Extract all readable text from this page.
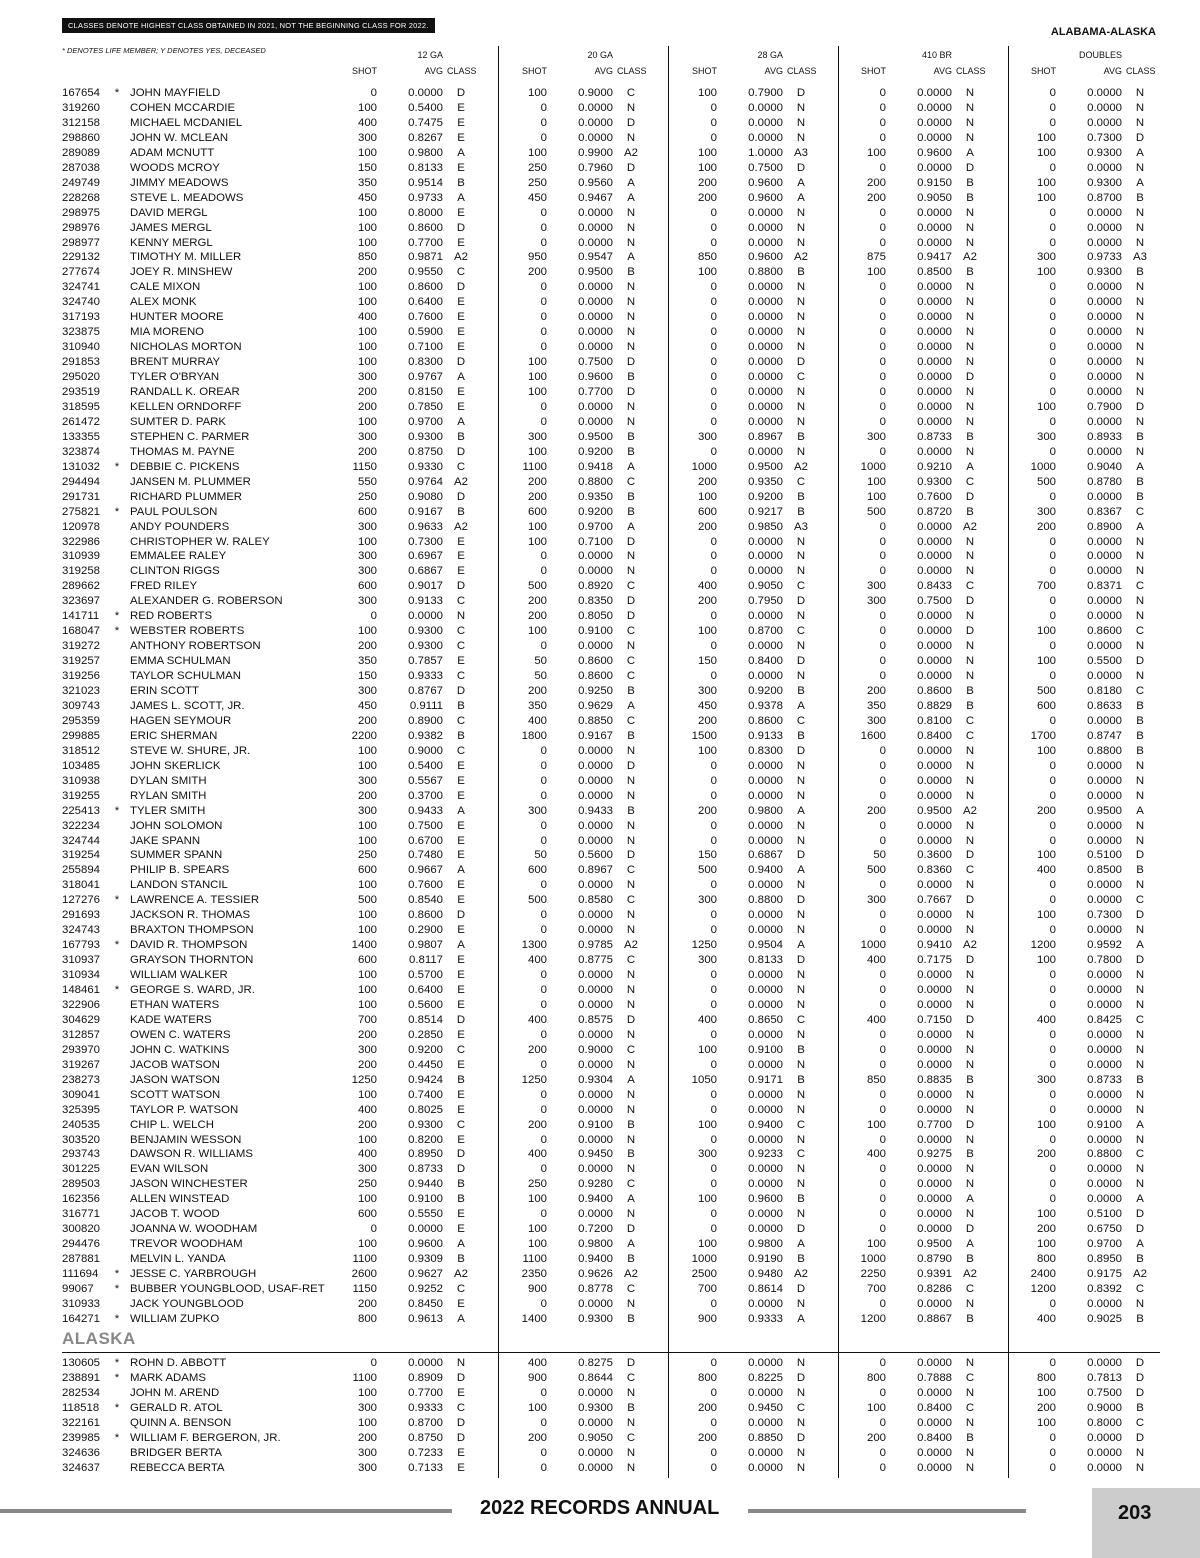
CLASSES DENOTE HIGHEST CLASS OBTAINED IN 2021, NOT THE BEGINNING CLASS FOR 2022.
ALABAMA-ALASKA
* DENOTES LIFE MEMBER; Y DENOTES YES, DECEASED	12 GA	20 GA	28 GA	410 BR	DOUBLES
SHOT	AVG CLASS	SHOT	AVG CLASS	SHOT	AVG CLASS	SHOT	AVG CLASS	SHOT	AVG CLASS
167654	* JOHN MAYFIELD	0	0.0000	D	100	0.9000	C	100	0.7900	D	0	0.0000	N	0	0.0000	N
319260	COHEN MCCARDIE	100	0.5400	E	0	0.0000	N	0	0.0000	N	0	0.0000	N	0	0.0000	N
312158	MICHAEL MCDANIEL	400	0.7475	E	0	0.0000	D	0	0.0000	N	0	0.0000	N	0	0.0000	N
298860	JOHN W. MCLEAN	300	0.8267	E	0	0.0000	N	0	0.0000	N	0	0.0000	N	100	0.7300	D
289089	ADAM MCNUTT	100	0.9800	A	100	0.9900 A2	100	1.0000 A3	100	0.9600	A	100	0.9300	A
287038	WOODS MCROY	150	0.8133	E	250	0.7960	D	100	0.7500	D	0	0.0000	D	0	0.0000	N
249749	JIMMY MEADOWS	350	0.9514	B	250	0.9560	A	200	0.9600	A	200	0.9150	B	100	0.9300	A
228268	STEVE L. MEADOWS	450	0.9733	A	450	0.9467	A	200	0.9600	A	200	0.9050	B	100	0.8700	B
298975	DAVID MERGL	100	0.8000	E	0	0.0000	N	0	0.0000	N	0	0.0000	N	0	0.0000	N
298976	JAMES MERGL	100	0.8600	D	0	0.0000	N	0	0.0000	N	0	0.0000	N	0	0.0000	N
298977	KENNY MERGL	100	0.7700	E	0	0.0000	N	0	0.0000	N	0	0.0000	N	0	0.0000	N
229132	TIMOTHY M. MILLER	850	0.9871 A2	950	0.9547	A	850	0.9600 A2	875	0.9417 A2	300	0.9733 A3
277674	JOEY R. MINSHEW	200	0.9550	C	200	0.9500	B	100	0.8800	B	100	0.8500	B	100	0.9300	B
324741	CALE MIXON	100	0.8600	D	0	0.0000	N	0	0.0000	N	0	0.0000	N	0	0.0000	N
324740	ALEX MONK	100	0.6400	E	0	0.0000	N	0	0.0000	N	0	0.0000	N	0	0.0000	N
317193	HUNTER MOORE	400	0.7600	E	0	0.0000	N	0	0.0000	N	0	0.0000	N	0	0.0000	N
323875	MIA MORENO	100	0.5900	E	0	0.0000	N	0	0.0000	N	0	0.0000	N	0	0.0000	N
310940	NICHOLAS MORTON	100	0.7100	E	0	0.0000	N	0	0.0000	N	0	0.0000	N	0	0.0000	N
291853	BRENT MURRAY	100	0.8300	D	100	0.7500	D	0	0.0000	D	0	0.0000	N	0	0.0000	N
295020	TYLER O'BRYAN	300	0.9767	A	100	0.9600	B	0	0.0000	C	0	0.0000	D	0	0.0000	N
293519	RANDALL K. OREAR	200	0.8150	E	100	0.7700	D	0	0.0000	N	0	0.0000	N	0	0.0000	N
318595	KELLEN ORNDORFF	200	0.7850	E	0	0.0000	N	0	0.0000	N	0	0.0000	N	100	0.7900	D
261472	SUMTER D. PARK	100	0.9700	A	0	0.0000	N	0	0.0000	N	0	0.0000	N	0	0.0000	N
133355	STEPHEN C. PARMER	300	0.9300	B	300	0.9500	B	300	0.8967	B	300	0.8733	B	300	0.8933	B
323874	THOMAS M. PAYNE	200	0.8750	D	100	0.9200	B	0	0.0000	N	0	0.0000	N	0	0.0000	N
131032	* DEBBIE C. PICKENS	1150	0.9330	C	1100	0.9418	A	1000	0.9500 A2	1000	0.9210	A	1000	0.9040	A
294494	JANSEN M. PLUMMER	550	0.9764 A2	200	0.8800	C	200	0.9350	C	100	0.9300	C	500	0.8780	B
291731	RICHARD PLUMMER	250	0.9080	D	200	0.9350	B	100	0.9200	B	100	0.7600	D	0	0.0000	B
275821	* PAUL POULSON	600	0.9167	B	600	0.9200	B	600	0.9217	B	500	0.8720	B	300	0.8367	C
120978	ANDY POUNDERS	300	0.9633 A2	100	0.9700	A	200	0.9850 A3	0	0.0000 A2	200	0.8900	A
322986	CHRISTOPHER W. RALEY	100	0.7300	E	100	0.7100	D	0	0.0000	N	0	0.0000	N	0	0.0000	N
310939	EMMALEE RALEY	300	0.6967	E	0	0.0000	N	0	0.0000	N	0	0.0000	N	0	0.0000	N
319258	CLINTON RIGGS	300	0.6867	E	0	0.0000	N	0	0.0000	N	0	0.0000	N	0	0.0000	N
289662	FRED RILEY	600	0.9017	D	500	0.8920	C	400	0.9050	C	300	0.8433	C	700	0.8371	C
323697	ALEXANDER G. ROBERSON	300	0.9133	C	200	0.8350	D	200	0.7950	D	300	0.7500	D	0	0.0000	N
141711	* RED ROBERTS	0	0.0000	N	200	0.8050	D	0	0.0000	N	0	0.0000	N	0	0.0000	N
168047	* WEBSTER ROBERTS	100	0.9300	C	100	0.9100	C	100	0.8700	C	0	0.0000	D	100	0.8600	C
319272	ANTHONY ROBERTSON	200	0.9300	C	0	0.0000	N	0	0.0000	N	0	0.0000	N	0	0.0000	N
319257	EMMA SCHULMAN	350	0.7857	E	50	0.8600	C	150	0.8400	D	0	0.0000	N	100	0.5500	D
319256	TAYLOR SCHULMAN	150	0.9333	C	50	0.8600	C	0	0.0000	N	0	0.0000	N	0	0.0000	N
321023	ERIN SCOTT	300	0.8767	D	200	0.9250	B	300	0.9200	B	200	0.8600	B	500	0.8180	C
309743	JAMES L. SCOTT, JR.	450	0.9111	B	350	0.9629	A	450	0.9378	A	350	0.8829	B	600	0.8633	B
295359	HAGEN SEYMOUR	200	0.8900	C	400	0.8850	C	200	0.8600	C	300	0.8100	C	0	0.0000	B
299885	ERIC SHERMAN	2200	0.9382	B	1800	0.9167	B	1500	0.9133	B	1600	0.8400	C	1700	0.8747	B
318512	STEVE W. SHURE, JR.	100	0.9000	C	0	0.0000	N	100	0.8300	D	0	0.0000	N	100	0.8800	B
103485	JOHN SKERLICK	100	0.5400	E	0	0.0000	D	0	0.0000	N	0	0.0000	N	0	0.0000	N
310938	DYLAN SMITH	300	0.5567	E	0	0.0000	N	0	0.0000	N	0	0.0000	N	0	0.0000	N
319255	RYLAN SMITH	200	0.3700	E	0	0.0000	N	0	0.0000	N	0	0.0000	N	0	0.0000	N
225413	* TYLER SMITH	300	0.9433	A	300	0.9433	B	200	0.9800	A	200	0.9500 A2	200	0.9500	A
322234	JOHN SOLOMON	100	0.7500	E	0	0.0000	N	0	0.0000	N	0	0.0000	N	0	0.0000	N
324744	JAKE SPANN	100	0.6700	E	0	0.0000	N	0	0.0000	N	0	0.0000	N	0	0.0000	N
319254	SUMMER SPANN	250	0.7480	E	50	0.5600	D	150	0.6867	D	50	0.3600	D	100	0.5100	D
255894	PHILIP B. SPEARS	600	0.9667	A	600	0.8967	C	500	0.9400	A	500	0.8360	C	400	0.8500	B
318041	LANDON STANCIL	100	0.7600	E	0	0.0000	N	0	0.0000	N	0	0.0000	N	0	0.0000	N
127276	* LAWRENCE A. TESSIER	500	0.8540	E	500	0.8580	C	300	0.8800	D	300	0.7667	D	0	0.0000	C
291693	JACKSON R. THOMAS	100	0.8600	D	0	0.0000	N	0	0.0000	N	0	0.0000	N	100	0.7300	D
324743	BRAXTON THOMPSON	100	0.2900	E	0	0.0000	N	0	0.0000	N	0	0.0000	N	0	0.0000	N
167793	* DAVID R. THOMPSON	1400	0.9807	A	1300	0.9785 A2	1250	0.9504	A	1000	0.9410 A2	1200	0.9592	A
310937	GRAYSON THORNTON	600	0.8117	E	400	0.8775	C	300	0.8133	D	400	0.7175	D	100	0.7800	D
310934	WILLIAM WALKER	100	0.5700	E	0	0.0000	N	0	0.0000	N	0	0.0000	N	0	0.0000	N
148461	* GEORGE S. WARD, JR.	100	0.6400	E	0	0.0000	N	0	0.0000	N	0	0.0000	N	0	0.0000	N
322906	ETHAN WATERS	100	0.5600	E	0	0.0000	N	0	0.0000	N	0	0.0000	N	0	0.0000	N
304629	KADE WATERS	700	0.8514	D	400	0.8575	D	400	0.8650	C	400	0.7150	D	400	0.8425	C
312857	OWEN C. WATERS	200	0.2850	E	0	0.0000	N	0	0.0000	N	0	0.0000	N	0	0.0000	N
293970	JOHN C. WATKINS	300	0.9200	C	200	0.9000	C	100	0.9100	B	0	0.0000	N	0	0.0000	N
319267	JACOB WATSON	200	0.4450	E	0	0.0000	N	0	0.0000	N	0	0.0000	N	0	0.0000	N
238273	JASON WATSON	1250	0.9424	B	1250	0.9304	A	1050	0.9171	B	850	0.8835	B	300	0.8733	B
309041	SCOTT WATSON	100	0.7400	E	0	0.0000	N	0	0.0000	N	0	0.0000	N	0	0.0000	N
325395	TAYLOR P. WATSON	400	0.8025	E	0	0.0000	N	0	0.0000	N	0	0.0000	N	0	0.0000	N
240535	CHIP L. WELCH	200	0.9300	C	200	0.9100	B	100	0.9400	C	100	0.7700	D	100	0.9100	A
303520	BENJAMIN WESSON	100	0.8200	E	0	0.0000	N	0	0.0000	N	0	0.0000	N	0	0.0000	N
293743	DAWSON R. WILLIAMS	400	0.8950	D	400	0.9450	B	300	0.9233	C	400	0.9275	B	200	0.8800	C
301225	EVAN WILSON	300	0.8733	D	0	0.0000	N	0	0.0000	N	0	0.0000	N	0	0.0000	N
289503	JASON WINCHESTER	250	0.9440	B	250	0.9280	C	0	0.0000	N	0	0.0000	N	0	0.0000	N
162356	ALLEN WINSTEAD	100	0.9100	B	100	0.9400	A	100	0.9600	B	0	0.0000	A	0	0.0000	A
316771	JACOB T. WOOD	600	0.5550	E	0	0.0000	N	0	0.0000	N	0	0.0000	N	100	0.5100	D
300820	JOANNA W. WOODHAM	0	0.0000	E	100	0.7200	D	0	0.0000	D	0	0.0000	D	200	0.6750	D
294476	TREVOR WOODHAM	100	0.9600	A	100	0.9800	A	100	0.9800	A	100	0.9500	A	100	0.9700	A
287881	MELVIN L. YANDA	1100	0.9309	B	1100	0.9400	B	1000	0.9190	B	1000	0.8790	B	800	0.8950	B
111694	* JESSE C. YARBROUGH	2600	0.9627 A2	2350	0.9626 A2	2500	0.9480 A2	2250	0.9391 A2	2400	0.9175 A2
99067	* BUBBER YOUNGBLOOD, USAF-RET	1150	0.9252	C	900	0.8778	C	700	0.8614	D	700	0.8286	C	1200	0.8392	C
310933	JACK YOUNGBLOOD	200	0.8450	E	0	0.0000	N	0	0.0000	N	0	0.0000	N	0	0.0000	N
164271	* WILLIAM ZUPKO	800	0.9613	A	1400	0.9300	B	900	0.9333	A	1200	0.8867	B	400	0.9025	B
ALASKA
130605	* ROHN D. ABBOTT	0	0.0000	N	400	0.8275	D	0	0.0000	N	0	0.0000	N	0	0.0000	D
238891	* MARK ADAMS	1100	0.8909	D	900	0.8644	C	800	0.8225	D	800	0.7888	C	800	0.7813	D
282534	JOHN M. AREND	100	0.7700	E	0	0.0000	N	0	0.0000	N	0	0.0000	N	100	0.7500	D
118518	* GERALD R. ATOL	300	0.9333	C	100	0.9300	B	200	0.9450	C	100	0.8400	C	200	0.9000	B
322161	QUINN A. BENSON	100	0.8700	D	0	0.0000	N	0	0.0000	N	0	0.0000	N	100	0.8000	C
239985	* WILLIAM F. BERGERON, JR.	200	0.8750	D	200	0.9050	C	200	0.8850	D	200	0.8400	B	0	0.0000	D
324636	BRIDGER BERTA	300	0.7233	E	0	0.0000	N	0	0.0000	N	0	0.0000	N	0	0.0000	N
324637	REBECCA BERTA	300	0.7133	E	0	0.0000	N	0	0.0000	N	0	0.0000	N	0	0.0000	N
2022 RECORDS ANNUAL	203
